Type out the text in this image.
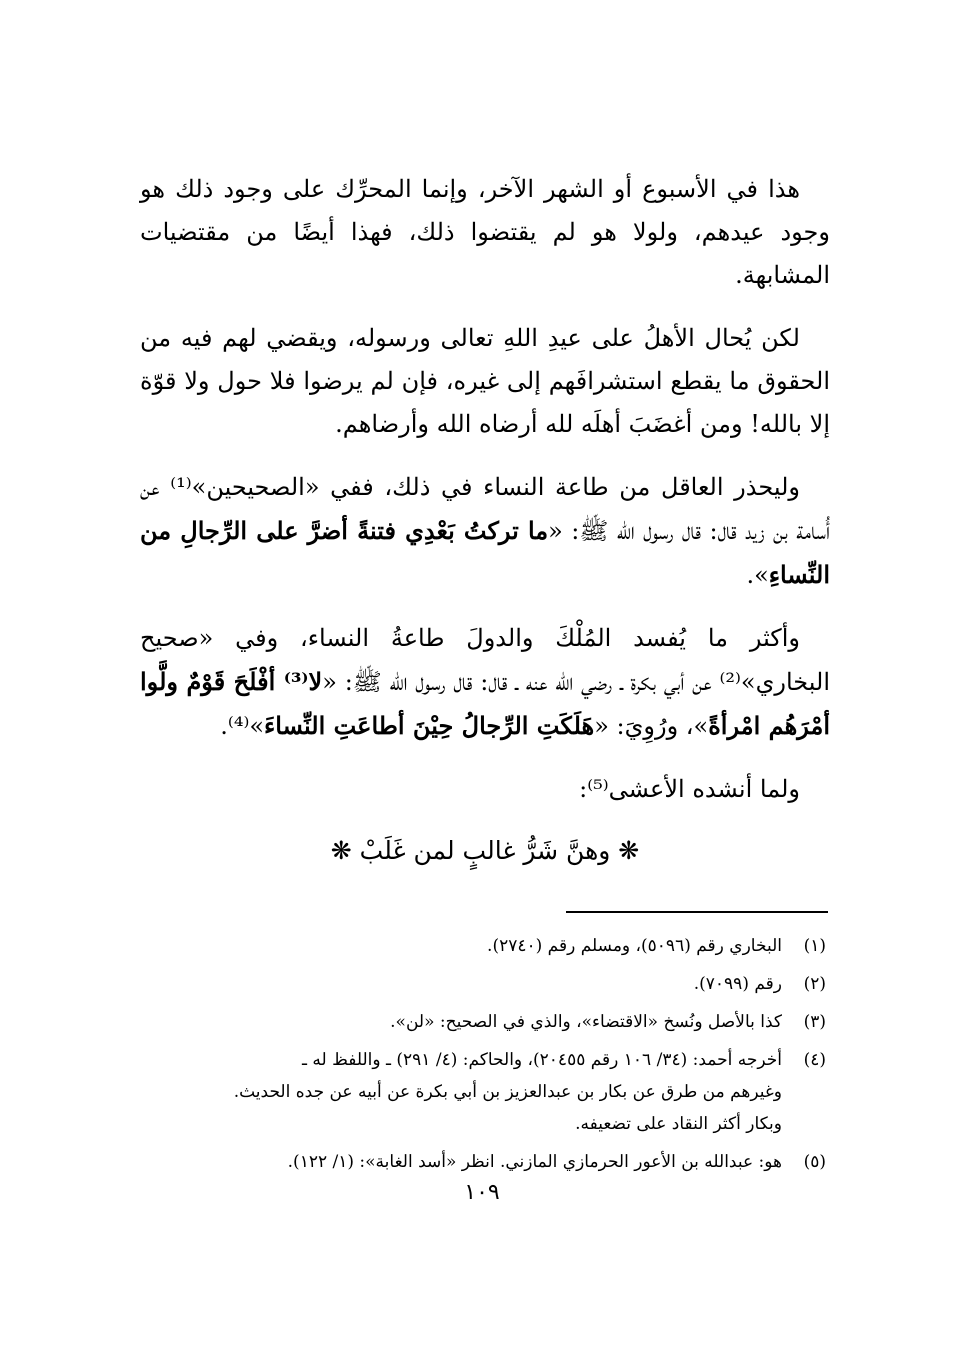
هذا في الأسبوع أو الشهر الآخر، وإنما المحرِّك على وجود ذلك هو وجود عيدهم، ولولا هو لم يقتضوا ذلك، فهذا أيضًا من مقتضيات المشابهة.

لكن يُحال الأهلُ على عيدِ اللهِ تعالى ورسوله، ويقضي لهم فيه من الحقوق ما يقطع استشرافَهم إلى غيره، فإن لم يرضوا فلا حول ولا قوّة إلا بالله! ومن أغضَبَ أهلَه لله أرضاه الله وأرضاهم.

وليحذر العاقل من طاعة النساء في ذلك، ففي «الصحيحين»⁽¹⁾ عن أُسامة بن زيد قال: قال رسول الله ﷺ: «ما تركتُ بَعْدِي فتنةً أضرَّ على الرِّجالِ من النِّساءِ».

وأكثر ما يُفسد المُلْكَ والدولَ طاعةُ النساء، وفي «صحيح البخاري»⁽²⁾ عن أبي بكرة ـ رضي الله عنه ـ قال: قال رسول الله ﷺ: «لا⁽³⁾ أفْلَحَ قَوْمٌ ولَّوا أمْرَهُم امْرأةً»، ورُوِيَ: «هَلَكَتِ الرِّجالُ حِيْنَ أطاعَتِ النِّساءَ»⁽⁴⁾.

ولما أنشده الأعشى⁽⁵⁾:

❋ وهنَّ شَرُّ غالبٍ لمن غَلَبْ ❋
(١)
البخاري رقم (٥٠٩٦)، ومسلم رقم (٢٧٤٠).
(٢)
رقم (٧٠٩٩).
(٣)
كذا بالأصل ونُسخ «الاقتضاء»، والذي في الصحيح: «لن».
(٤)
أخرجه أحمد: (٣٤/ ١٠٦ رقم ٢٠٤٥٥)، والحاكم: (٤/ ٢٩١) ـ واللفظ له ـ
وغيرهم من طرق عن بكار بن عبدالعزيز بن أبي بكرة عن أبيه عن جده الحديث.
وبكار أكثر النقاد على تضعيفه.
(٥)
هو: عبدالله بن الأعور الحرمازي المازني. انظر «أسد الغابة»: (١/ ١٢٢).
١٠٩
